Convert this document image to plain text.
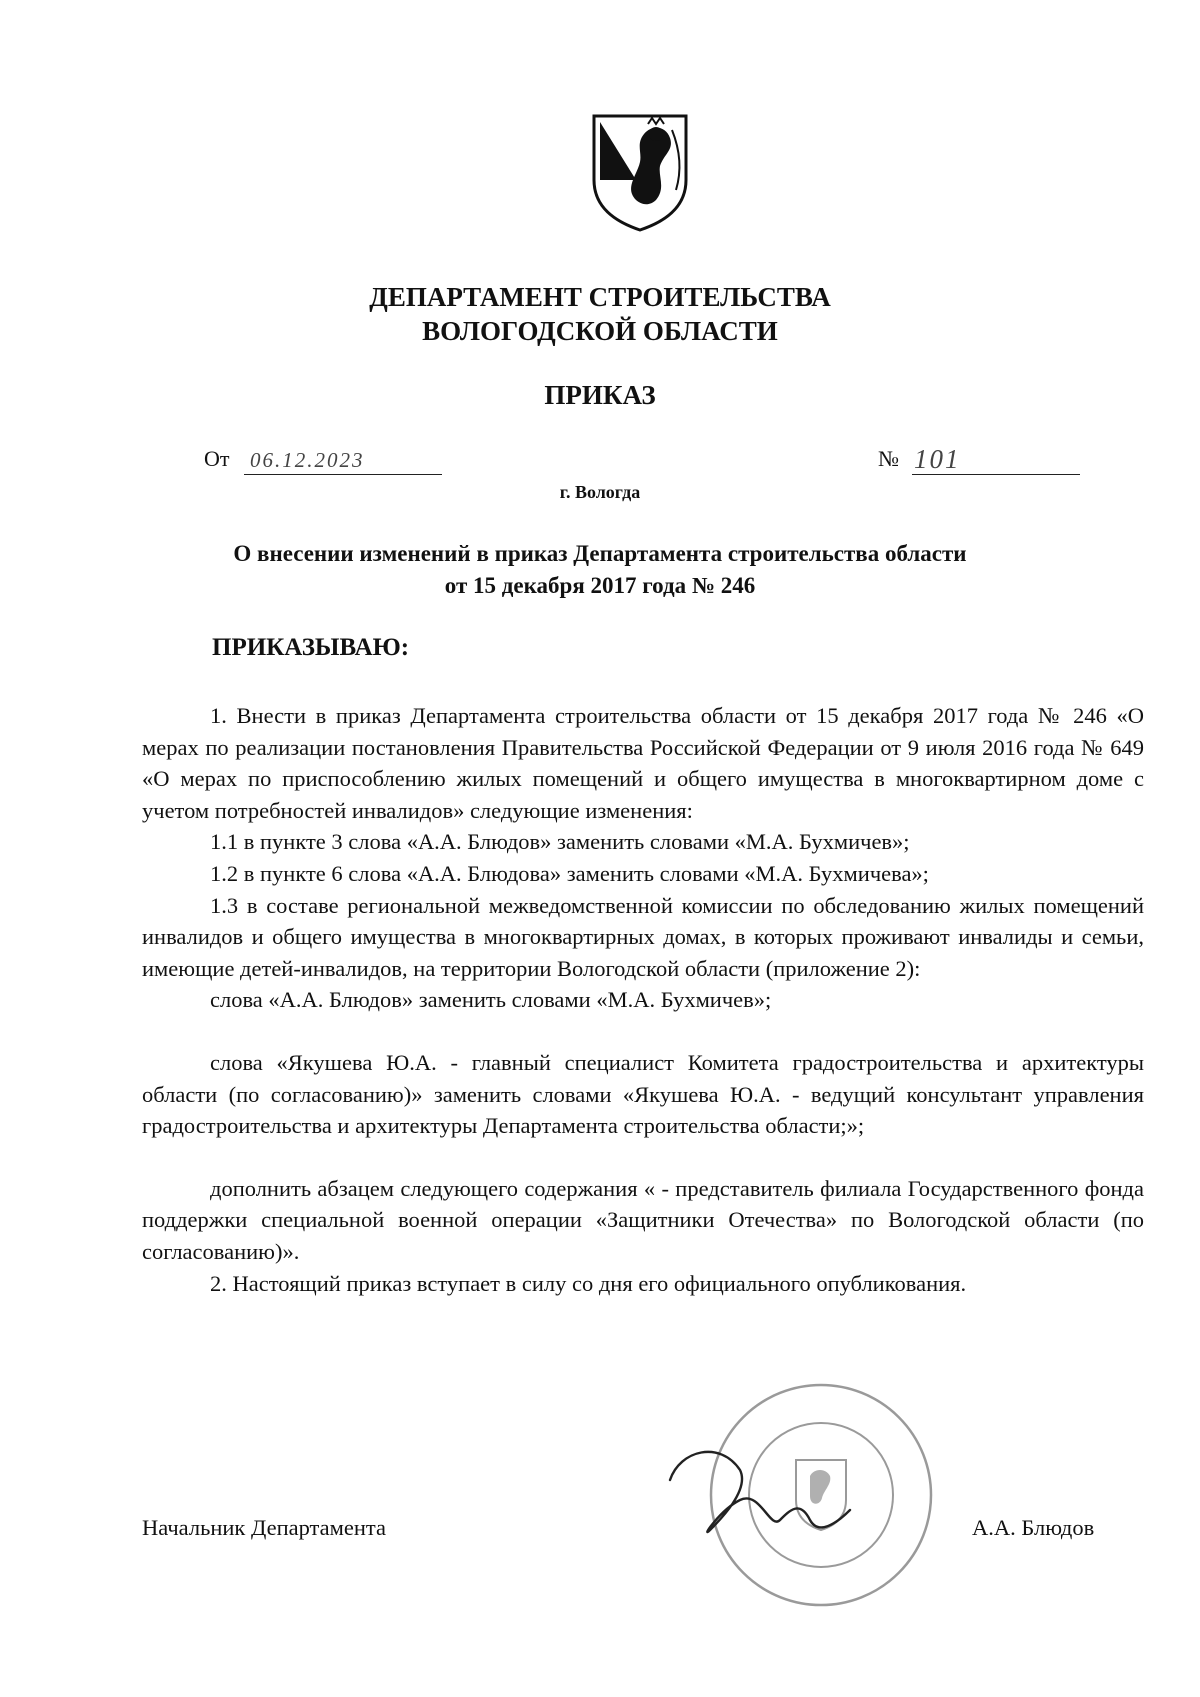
ДЕПАРТАМЕНТ СТРОИТЕЛЬСТВА
ВОЛОГОДСКОЙ ОБЛАСТИ
ПРИКАЗ
От 06.12.2023	№ 101
г. Вологда
О внесении изменений в приказ Департамента строительства области
от 15 декабря 2017 года № 246
ПРИКАЗЫВАЮ:

1. Внести в приказ Департамента строительства области от 15 декабря 2017 года № 246 «О мерах по реализации постановления Правительства Российской Федерации от 9 июля 2016 года № 649 «О мерах по приспособлению жилых помещений и общего имущества в многоквартирном доме с учетом потребностей инвалидов» следующие изменения:

1.1 в пункте 3 слова «А.А. Блюдов» заменить словами «М.А. Бухмичев»;

1.2 в пункте 6 слова «А.А. Блюдова» заменить словами «М.А. Бухмичева»;

1.3 в составе региональной межведомственной комиссии по обследованию жилых помещений инвалидов и общего имущества в многоквартирных домах, в которых проживают инвалиды и семьи, имеющие детей-инвалидов, на территории Вологодской области (приложение 2):

слова «А.А. Блюдов» заменить словами «М.А. Бухмичев»;

слова «Якушева Ю.А. - главный специалист Комитета градостроительства и архитектуры области (по согласованию)» заменить словами «Якушева Ю.А. - ведущий консультант управления градостроительства и архитектуры Департамента строительства области;»;

дополнить абзацем следующего содержания « - представитель филиала Государственного фонда поддержки специальной военной операции «Защитники Отечества» по Вологодской области (по согласованию)».

2. Настоящий приказ вступает в силу со дня его официального опубликования.

Начальник Департамента	А.А. Блюдов
